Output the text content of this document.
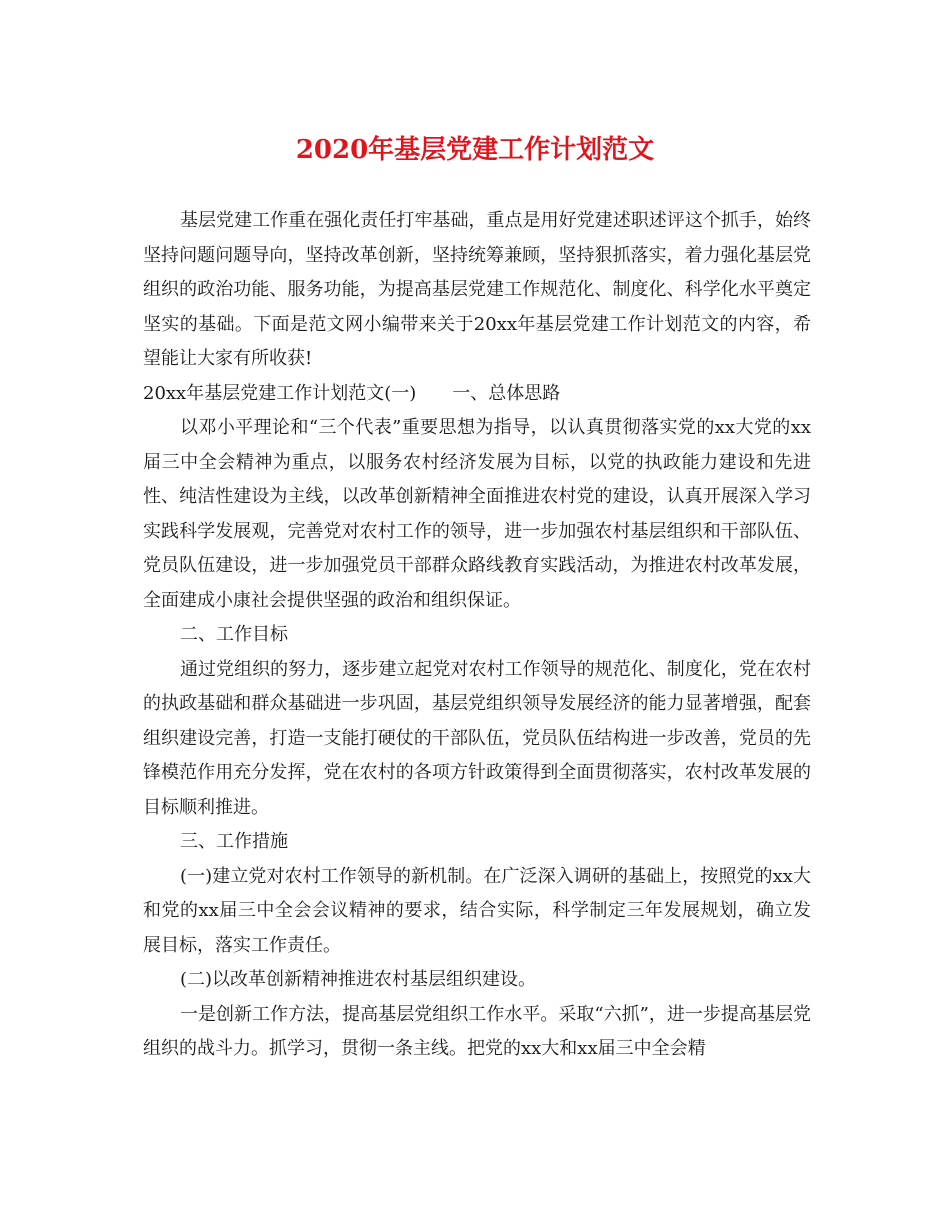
2020年基层党建工作计划范文

基层党建工作重在强化责任打牢基础，重点是用好党建述职述评这个抓手，始终坚持问题问题导向，坚持改革创新，坚持统筹兼顾，坚持狠抓落实，着力强化基层党组织的政治功能、服务功能，为提高基层党建工作规范化、制度化、科学化水平奠定坚实的基础。下面是范文网小编带来关于20xx年基层党建工作计划范文的内容，希望能让大家有所收获!

20xx年基层党建工作计划范文(一)　　一、总体思路

以邓小平理论和“三个代表”重要思想为指导，以认真贯彻落实党的xx大党的xx届三中全会精神为重点，以服务农村经济发展为目标，以党的执政能力建设和先进性、纯洁性建设为主线，以改革创新精神全面推进农村党的建设，认真开展深入学习实践科学发展观，完善党对农村工作的领导，进一步加强农村基层组织和干部队伍、党员队伍建设，进一步加强党员干部群众路线教育实践活动，为推进农村改革发展，全面建成小康社会提供坚强的政治和组织保证。

二、工作目标

通过党组织的努力，逐步建立起党对农村工作领导的规范化、制度化，党在农村的执政基础和群众基础进一步巩固，基层党组织领导发展经济的能力显著增强，配套组织建设完善，打造一支能打硬仗的干部队伍，党员队伍结构进一步改善，党员的先锋模范作用充分发挥，党在农村的各项方针政策得到全面贯彻落实，农村改革发展的目标顺利推进。

三、工作措施

(一)建立党对农村工作领导的新机制。在广泛深入调研的基础上，按照党的xx大和党的xx届三中全会会议精神的要求，结合实际，科学制定三年发展规划，确立发展目标，落实工作责任。

(二)以改革创新精神推进农村基层组织建设。

一是创新工作方法，提高基层党组织工作水平。采取“六抓”，进一步提高基层党组织的战斗力。抓学习，贯彻一条主线。把党的xx大和xx届三中全会精
